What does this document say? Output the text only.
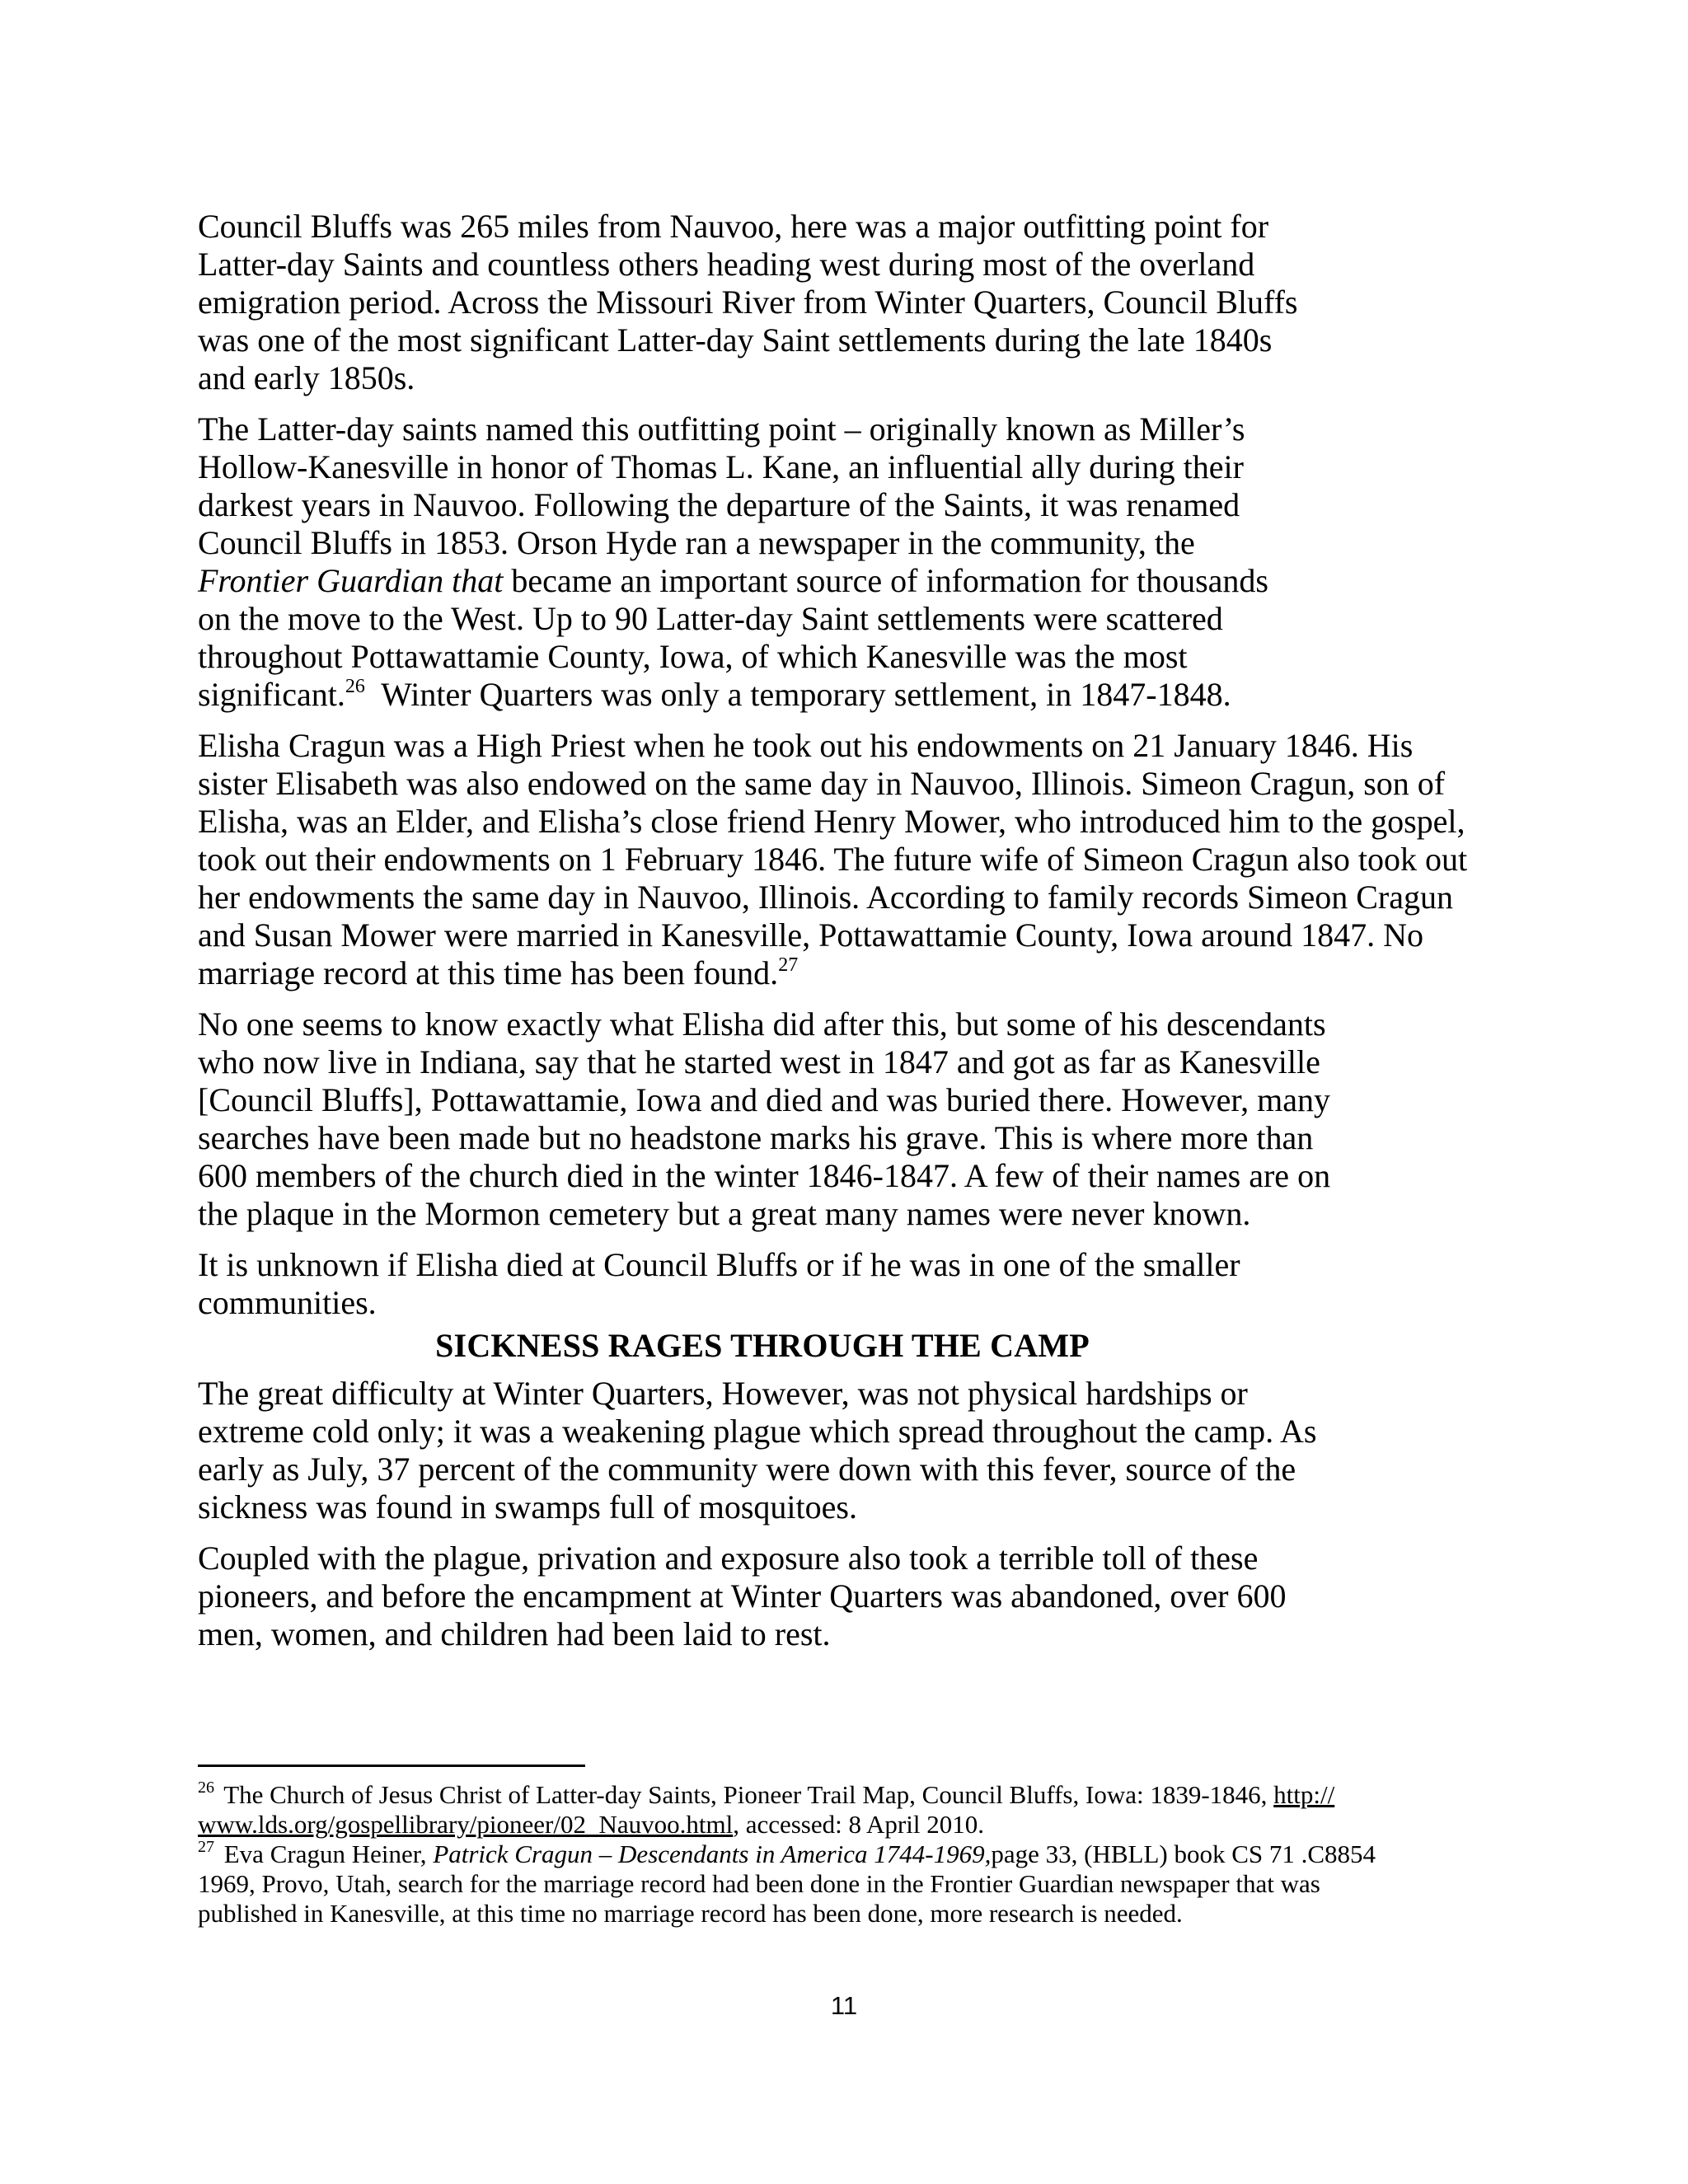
Council Bluffs was 265 miles from Nauvoo, here was a major outfitting point for
Latter-day Saints and countless others heading west during most of the overland
emigration period. Across the Missouri River from Winter Quarters, Council Bluffs
was one of the most significant Latter-day Saint settlements during the late 1840s
and early 1850s.

The Latter-day saints named this outfitting point – originally known as Miller’s
Hollow-Kanesville in honor of Thomas L. Kane, an influential ally during their
darkest years in Nauvoo. Following the departure of the Saints, it was renamed
Council Bluffs in 1853. Orson Hyde ran a newspaper in the community, the
Frontier Guardian that became an important source of information for thousands
on the move to the West. Up to 90 Latter-day Saint settlements were scattered
throughout Pottawattamie County, Iowa, of which Kanesville was the most
significant.$^{26}$  Winter Quarters was only a temporary settlement, in 1847-1848.

Elisha Cragun was a High Priest when he took out his endowments on 21 January 1846. His
sister Elisabeth was also endowed on the same day in Nauvoo, Illinois. Simeon Cragun, son of
Elisha, was an Elder, and Elisha’s close friend Henry Mower, who introduced him to the gospel,
took out their endowments on 1 February 1846. The future wife of Simeon Cragun also took out
her endowments the same day in Nauvoo, Illinois. According to family records Simeon Cragun
and Susan Mower were married in Kanesville, Pottawattamie County, Iowa around 1847. No
marriage record at this time has been found.$^{27}$

No one seems to know exactly what Elisha did after this, but some of his descendants
who now live in Indiana, say that he started west in 1847 and got as far as Kanesville
[Council Bluffs], Pottawattamie, Iowa and died and was buried there. However, many
searches have been made but no headstone marks his grave. This is where more than
600 members of the church died in the winter 1846-1847. A few of their names are on
the plaque in the Mormon cemetery but a great many names were never known.

It is unknown if Elisha died at Council Bluffs or if he was in one of the smaller
communities.

SICKNESS RAGES THROUGH THE CAMP

The great difficulty at Winter Quarters, However, was not physical hardships or
extreme cold only; it was a weakening plague which spread throughout the camp. As
early as July, 37 percent of the community were down with this fever, source of the
sickness was found in swamps full of mosquitoes.

Coupled with the plague, privation and exposure also took a terrible toll of these
pioneers, and before the encampment at Winter Quarters was abandoned, over 600
men, women, and children had been laid to rest.

$^{26}$ The Church of Jesus Christ of Latter-day Saints, Pioneer Trail Map, Council Bluffs, Iowa: 1839-1846, http://
www.lds.org/gospellibrary/pioneer/02_Nauvoo.html, accessed: 8 April 2010.

$^{27}$ Eva Cragun Heiner, Patrick Cragun – Descendants in America 1744-1969,page 33, (HBLL) book CS 71 .C8854
1969, Provo, Utah, search for the marriage record had been done in the Frontier Guardian newspaper that was
published in Kanesville, at this time no marriage record has been done, more research is needed.

11
